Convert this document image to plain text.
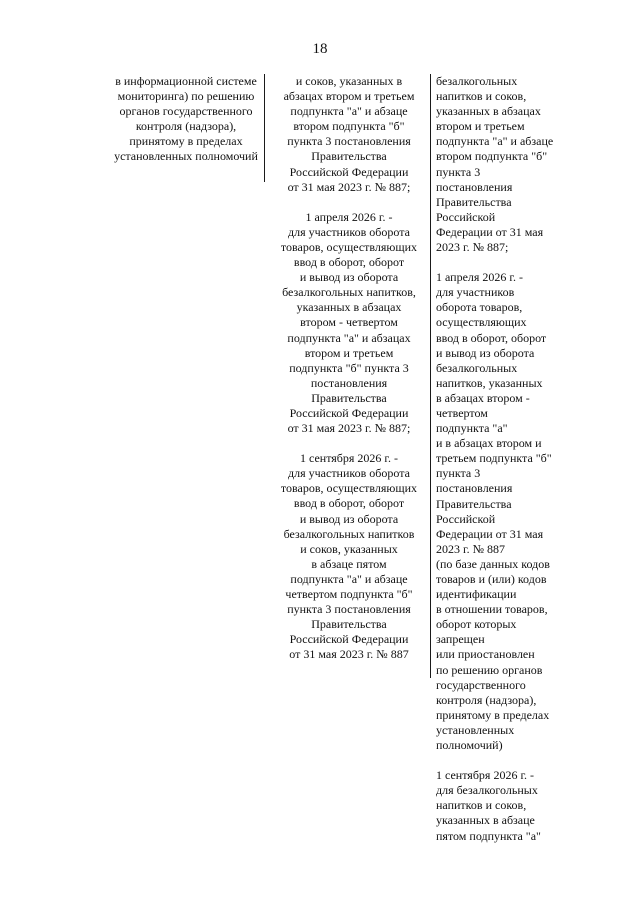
18
в информационной системе
мониторинга) по решению
органов государственного
контроля (надзора),
принятому в пределах
установленных полномочий
и соков, указанных в
абзацах втором и третьем
подпункта "а" и абзаце
втором подпункта "б"
пункта 3 постановления
Правительства
Российской Федерации
от 31 мая 2023 г. № 887;
1 апреля 2026 г. -
для участников оборота
товаров, осуществляющих
ввод в оборот, оборот
и вывод из оборота
безалкогольных напитков,
указанных в абзацах
втором - четвертом
подпункта "а" и абзацах
втором и третьем
подпункта "б" пункта 3
постановления
Правительства
Российской Федерации
от 31 мая 2023 г. № 887;
1 сентября 2026 г. -
для участников оборота
товаров, осуществляющих
ввод в оборот, оборот
и вывод из оборота
безалкогольных напитков
и соков, указанных
в абзаце пятом
подпункта "а" и абзаце
четвертом подпункта "б"
пункта 3 постановления
Правительства
Российской Федерации
от 31 мая 2023 г. № 887
безалкогольных
напитков и соков,
указанных в абзацах
втором и третьем
подпункта "а" и абзаце
втором подпункта "б"
пункта 3
постановления
Правительства
Российской
Федерации от 31 мая
2023 г. № 887;
1 апреля 2026 г. -
для участников
оборота товаров,
осуществляющих
ввод в оборот, оборот
и вывод из оборота
безалкогольных
напитков, указанных
в абзацах втором -
четвертом
подпункта "а"
и в абзацах втором и
третьем подпункта "б"
пункта 3
постановления
Правительства
Российской
Федерации от 31 мая
2023 г. № 887
(по базе данных кодов
товаров и (или) кодов
идентификации
в отношении товаров,
оборот которых
запрещен
или приостановлен
по решению органов
государственного
контроля (надзора),
принятому в пределах
установленных
полномочий)
1 сентября 2026 г. -
для безалкогольных
напитков и соков,
указанных в абзаце
пятом подпункта "а"
